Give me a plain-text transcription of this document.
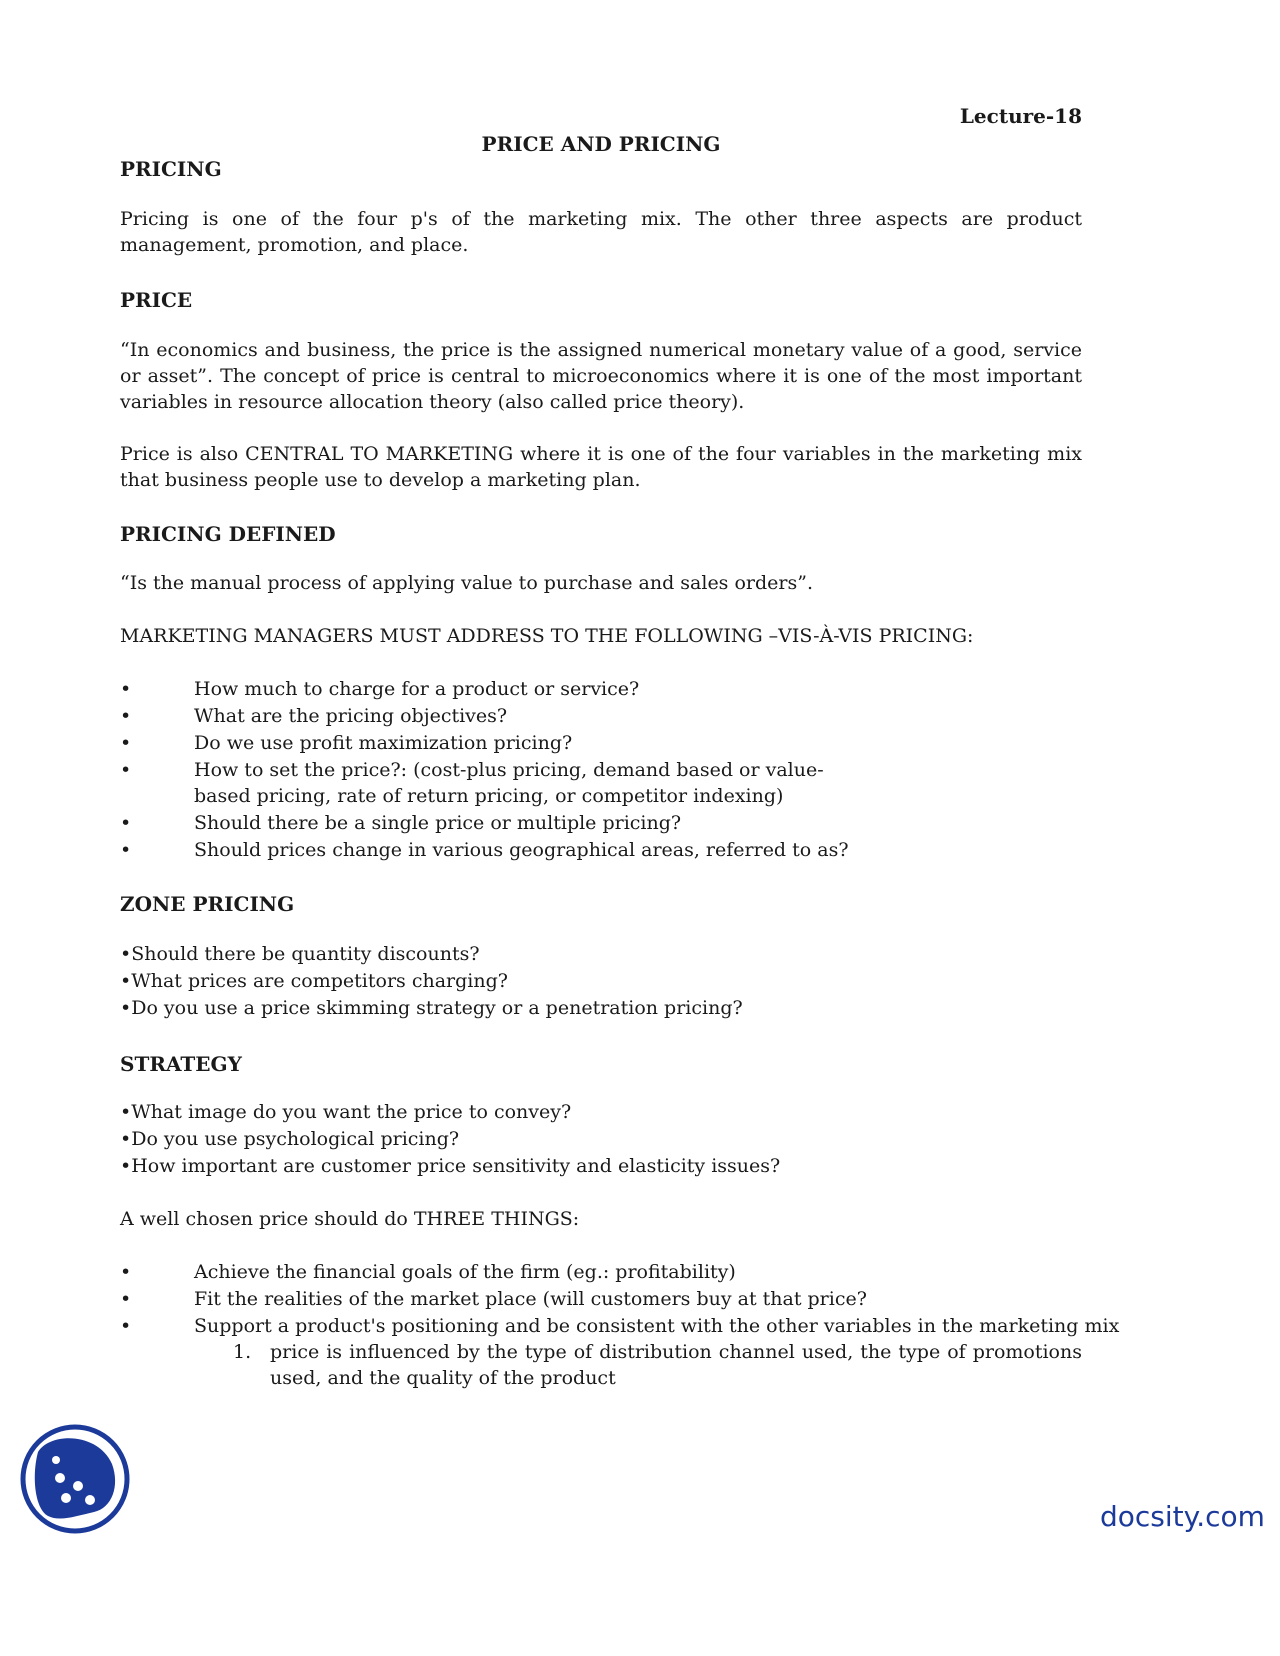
Lecture-18
PRICE AND PRICING
PRICING
Pricing is one of the four p's of the marketing mix. The other three aspects are product management, promotion, and place.
PRICE
“In economics and business, the price is the assigned numerical monetary value of a good, service or asset”. The concept of price is central to microeconomics where it is one of the most important variables in resource allocation theory (also called price theory).
Price is also CENTRAL TO MARKETING where it is one of the four variables in the marketing mix that business people use to develop a marketing plan.
PRICING DEFINED
“Is the manual process of applying value to purchase and sales orders”.
MARKETING MANAGERS MUST ADDRESS TO THE FOLLOWING –VIS-À-VIS PRICING:
•	How much to charge for a product or service?
•	What are the pricing objectives?
•	Do we use profit maximization pricing?
•	How to set the price?: (cost-plus pricing, demand based or value-
based pricing, rate of return pricing, or competitor indexing)
•	Should there be a single price or multiple pricing?
•	Should prices change in various geographical areas, referred to as?
ZONE PRICING
•Should there be quantity discounts?
•What prices are competitors charging?
•Do you use a price skimming strategy or a penetration pricing?
STRATEGY
•What image do you want the price to convey?
•Do you use psychological pricing?
•How important are customer price sensitivity and elasticity issues?
A well chosen price should do THREE THINGS:
•	Achieve the financial goals of the firm (eg.: profitability)
•	Fit the realities of the market place (will customers buy at that price?
•	Support a product's positioning and be consistent with the other variables in the marketing mix
1. price is influenced by the type of distribution channel used, the type of promotions used, and the quality of the product
docsity.com
